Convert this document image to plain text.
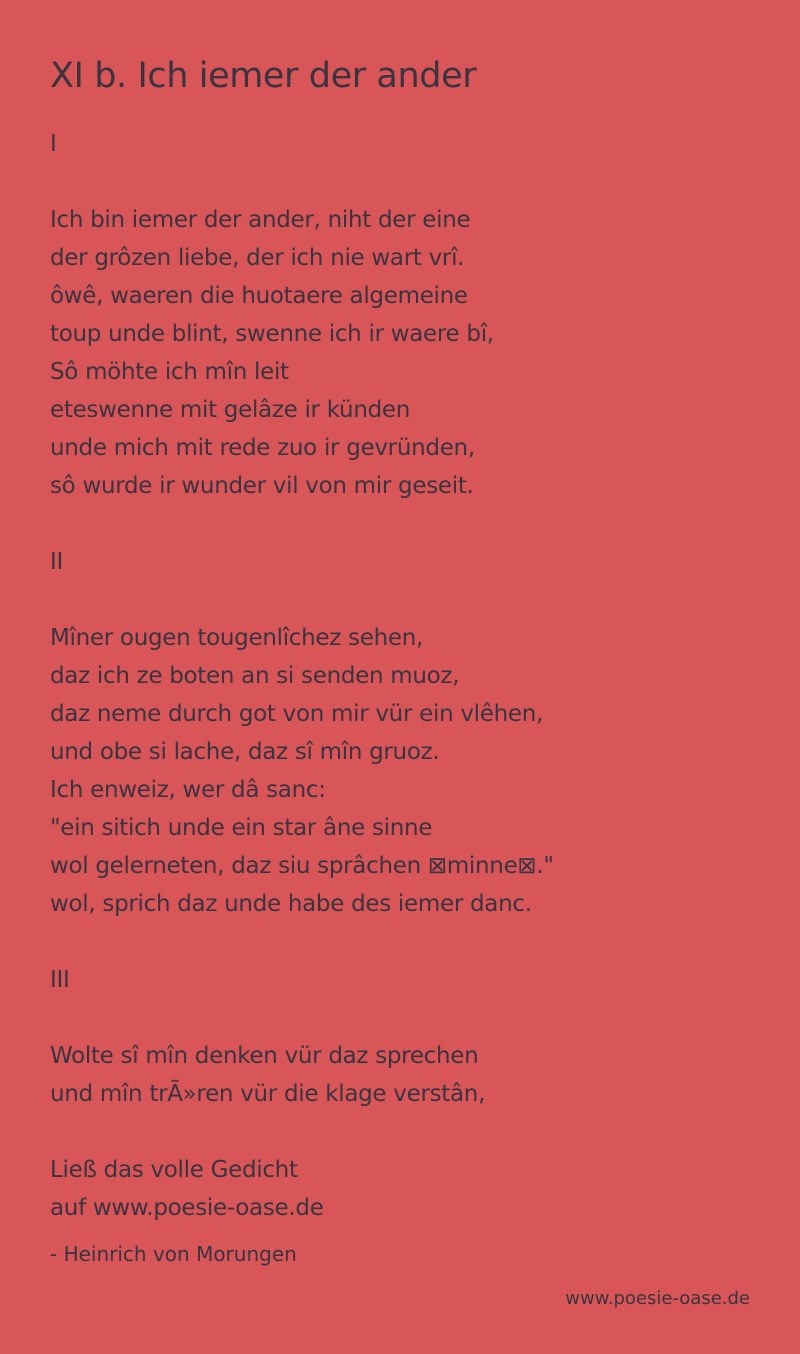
XI b. Ich iemer der ander
I
Ich bin iemer der ander, niht der eine
der grôzen liebe, der ich nie wart vrî.
ôwê, waeren die huotaere algemeine
toup unde blint, swenne ich ir waere bî,
Sô möhte ich mîn leit
eteswenne mit gelâze ir künden
unde mich mit rede zuo ir gevründen,
sô wurde ir wunder vil von mir geseit.
II
Mîner ougen tougenlîchez sehen,
daz ich ze boten an si senden muoz,
daz neme durch got von mir vür ein vlêhen,
und obe si lache, daz sî mîn gruoz.
Ich enweiz, wer dâ sanc:
"ein sitich unde ein star âne sinne
wol gelerneten, daz siu sprâchen ⊠minne⊠."
wol, sprich daz unde habe des iemer danc.
III
Wolte sî mîn denken vür daz sprechen
und mîn trÃ»ren vür die klage verstân,
Ließ das volle Gedicht
auf www.poesie-oase.de
- Heinrich von Morungen
www.poesie-oase.de
